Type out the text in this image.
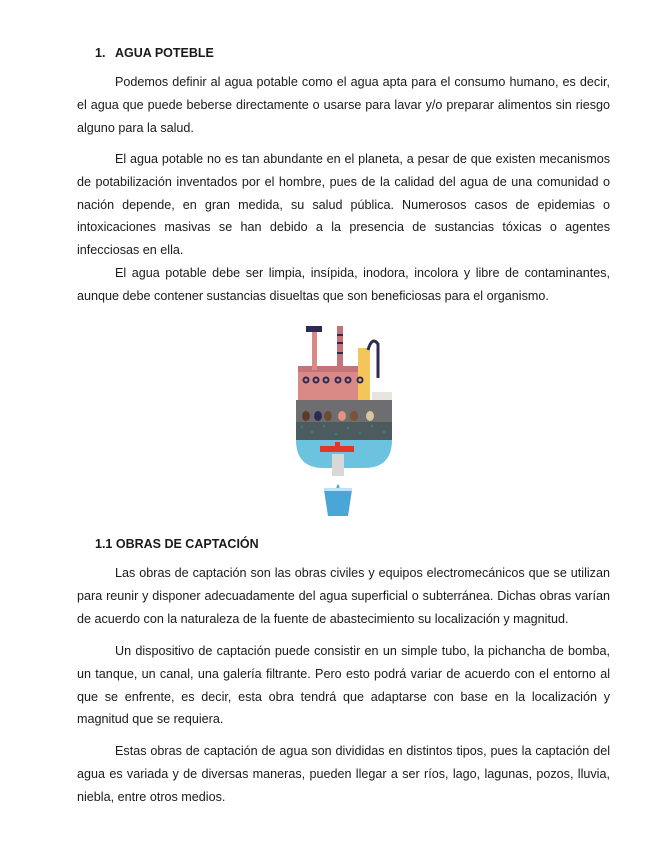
1. AGUA POTEBLE

Podemos definir al agua potable como el agua apta para el consumo humano, es decir, el agua que puede beberse directamente o usarse para lavar y/o preparar alimentos sin riesgo alguno para la salud.

El agua potable no es tan abundante en el planeta, a pesar de que existen mecanismos de potabilización inventados por el hombre, pues de la calidad del agua de una comunidad o nación depende, en gran medida, su salud pública. Numerosos casos de epidemias o intoxicaciones masivas se han debido a la presencia de sustancias tóxicas o agentes infecciosas en ella.

El agua potable debe ser limpia, insípida, inodora, incolora y libre de contaminantes, aunque debe contener sustancias disueltas que son beneficiosas para el organismo.

1.1 OBRAS DE CAPTACIÓN

Las obras de captación son las obras civiles y equipos electromecánicos que se utilizan para reunir y disponer adecuadamente del agua superficial o subterránea. Dichas obras varían de acuerdo con la naturaleza de la fuente de abastecimiento su localización y magnitud.

Un dispositivo de captación puede consistir en un simple tubo, la pichancha de bomba, un tanque, un canal, una galería filtrante. Pero esto podrá variar de acuerdo con el entorno al que se enfrente, es decir, esta obra tendrá que adaptarse con base en la localización y magnitud que se requiera.

Estas obras de captación de agua son divididas en distintos tipos, pues la captación del agua es variada y de diversas maneras, pueden llegar a ser ríos, lago, lagunas, pozos, lluvia, niebla, entre otros medios.
